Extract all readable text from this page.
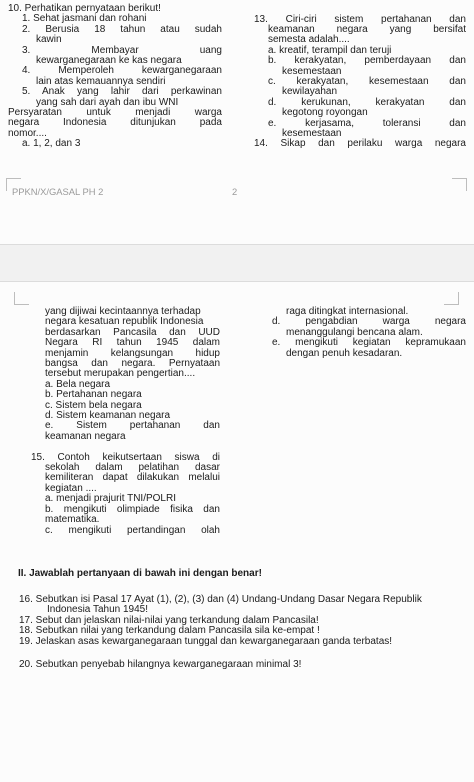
10. Perhatikan pernyataan berikut!
1. Sehat jasmani dan rohani
2. Berusia 18 tahun atau sudah
kawin
3. Membayar uang
kewarganegaraan ke kas negara
4. Memperoleh kewarganegaraan
lain atas kemauannya sendiri
5. Anak yang lahir dari perkawinan
yang sah dari ayah dan ibu WNI
Persyaratan untuk menjadi warga
negara Indonesia ditunjukan pada
nomor....
a. 1, 2, dan 3
13. Ciri-ciri sistem pertahanan dan
keamanan negara yang bersifat
semesta adalah....
a. kreatif, terampil dan teruji
b. kerakyatan, pemberdayaan dan
kesemestaan
c. kerakyatan, kesemestaan dan
kewilayahan
d. kerukunan, kerakyatan dan
kegotong royongan
e. kerjasama, toleransi dan
kesemestaan
14. Sikap dan perilaku warga negara
PPKN/X/GASAL PH 2	2
yang dijiwai kecintaannya terhadap
negara kesatuan republik Indonesia
berdasarkan Pancasila dan UUD
Negara RI tahun 1945 dalam
menjamin kelangsungan hidup
bangsa dan negara. Pernyataan
tersebut merupakan pengertian....
a. Bela negara
b. Pertahanan negara
c. Sistem bela negara
d. Sistem keamanan negara
e. Sistem pertahanan dan
keamanan negara
15. Contoh keikutsertaan siswa di
sekolah dalam pelatihan dasar
kemiliteran dapat dilakukan melalui
kegiatan ....
a. menjadi prajurit TNI/POLRI
b. mengikuti olimpiade fisika dan
matematika.
c. mengikuti pertandingan olah
raga ditingkat internasional.
d. pengabdian warga negara
menanggulangi bencana alam.
e. mengikuti kegiatan kepramukaan
dengan penuh kesadaran.
II. Jawablah pertanyaan di bawah ini dengan benar!
16. Sebutkan isi Pasal 17 Ayat (1), (2), (3) dan (4) Undang-Undang Dasar Negara Republik
Indonesia Tahun 1945!
17. Sebut dan jelaskan nilai-nilai yang terkandung dalam Pancasila!
18. Sebutkan nilai yang terkandung dalam Pancasila sila ke-empat !
19. Jelaskan asas kewarganegaraan tunggal dan kewarganegaraan ganda terbatas!
20. Sebutkan penyebab hilangnya kewarganegaraan minimal 3!
